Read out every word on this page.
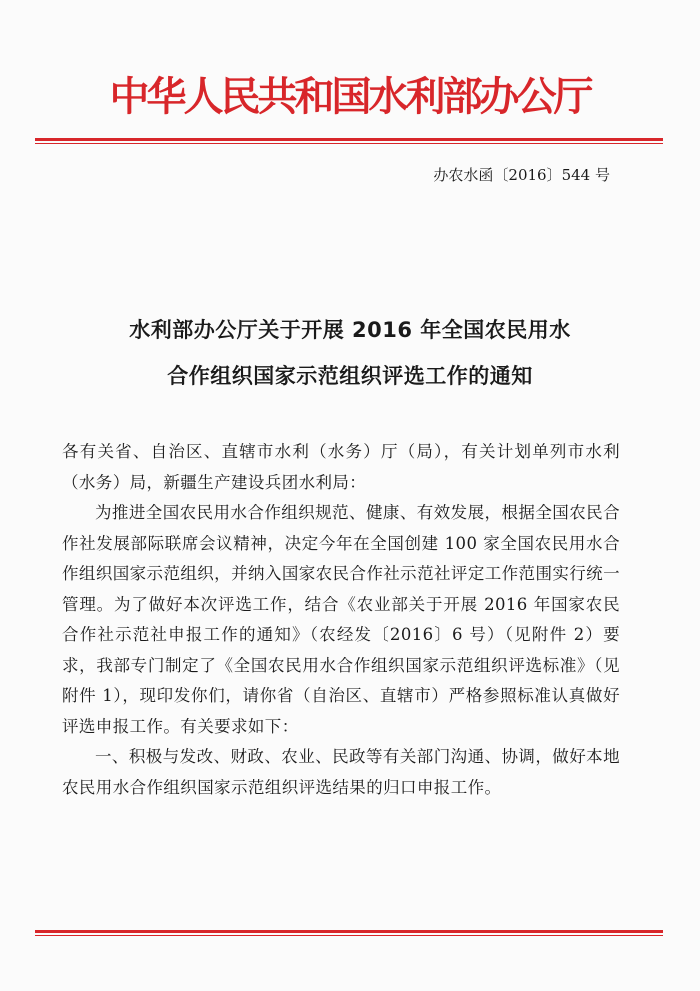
中华人民共和国水利部办公厅
办农水函〔2016〕544 号
水利部办公厅关于开展 2016 年全国农民用水
合作组织国家示范组织评选工作的通知

各有关省、自治区、直辖市水利（水务）厅（局），有关计划单列市水利（水务）局，新疆生产建设兵团水利局：

为推进全国农民用水合作组织规范、健康、有效发展，根据全国农民合作社发展部际联席会议精神，决定今年在全国创建 100 家全国农民用水合作组织国家示范组织，并纳入国家农民合作社示范社评定工作范围实行统一管理。为了做好本次评选工作，结合《农业部关于开展 2016 年国家农民合作社示范社申报工作的通知》（农经发〔2016〕6 号）（见附件 2）要求，我部专门制定了《全国农民用水合作组织国家示范组织评选标准》（见附件 1），现印发你们，请你省（自治区、直辖市）严格参照标准认真做好评选申报工作。有关要求如下：

一、积极与发改、财政、农业、民政等有关部门沟通、协调，做好本地农民用水合作组织国家示范组织评选结果的归口申报工作。
